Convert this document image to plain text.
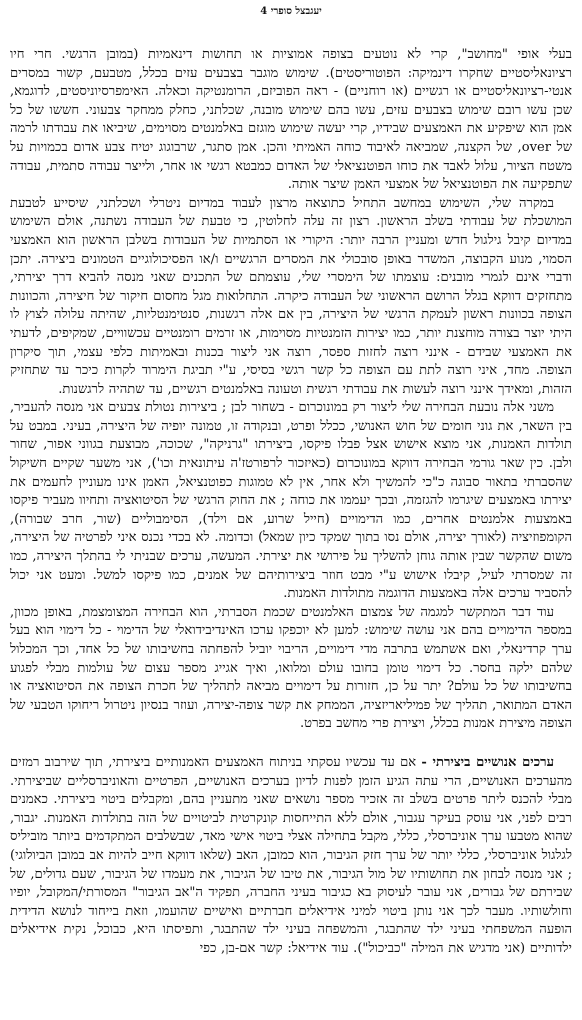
יעגבצל סופרי 4

בעלי אופי "מחושב", קרי לא נוטעים בצופה אמוציות או תחושות דינאמיות (במובן הרגשי. חרי חיו רציונאליסטיים שחקרו דינמיקה: הפוטוריסטים). שימוש מוגבר בצבעים עזים בכלל, מטבעם, קשור במסרים אנטי-רציונאליסטיים או רגשיים (או רוחניים) - ראה הפוביזם, הרומנטיקה וכאלה. האימפרסיוניסטים, לדוגמא, שכן עשו רובם שימוש בצבעים עזים, עשו בהם שימוש מובנה, שכלתני, כחלק ממחקר צבעוני. חששו של כל אמן הוא שיפקיע את האמצעים שבידיו, קרי יעשה שימוש מוגזם באלמנטים מסוימים, שיביאו את עבודתו לרמה של over, של הקצנה, שמביאה לאיבוד כוחה האמיתי והכן. אמן סתגר, שרבוגוג יטיח צבע אדום בכמויות על משטח הציור, עלול לאבד את כוחו הפוטנציאלי של האדום כמבטא רגשי או אחר, ולייצר עבודה סתמית, עבודה שתפקיעה את הפוטנציאל של אמצעי האמן שיצר אותה.

במקרה שלי, השימוש במחשב התחיל כתוצאה מרצון לעבוד במדיום ניטרלי ושכלתני, שיסייע לטבעת המושכלת של עבודתי בשלב הראשון. רצון זה עלה לחלוטין, כי טבעת של העבודה נשתנה, אולם השימוש במדיום קיבל גילגול חדש ומעניין הרבה יותר: היקורי או הסתמיות של העבודות בשלבן הראשון הוא האמצעי הסמוי, מנוע הקבוצה, המשדר באופן סובכולי את המסרים הרגשיים ו/או הפסיכולוגיים הטמונים ביצירה. יתכן ודברי אינם לגמרי מובנים: עוצמתו של הימסרי שלי, עוצמתם של התכנים שאני מנסה להביא דרך יצירתי, מתחזקים דווקא בגלל הרושם הראשוני של העבודה כיקרה. התחלואות מגל מחסום חיקור של חיצירה, והכוונות הצופה בכוונות ראשון לעמקת הרגשי של היצירה, בין אם אלה רגשנות, סנטימנטליות, שהיתה עלולה לצוץ לו היתי יוצר בצורה מוחצנת יותר, כמו יצירות הזמנטיות מסוימות, או זרמים רומנטיים עכשוויים, שמקיפים, לדעתי את האמצעי שבידם - אינני רוצה לחזות ספסר, רוצה אני ליצור בכנות ובאמיתות כלפי עצמי, תוך סיקרון הצופה. מחד, איני רוצה לתת עם הצופה כל קשר רגשי בסיסי, ע"י תביגת הימרוד לקרות כיכר עד שתחזיק הזהות, ומאידך אינני רוצה לעשות את עבודתי רגשית וטעונה באלמנטים רגשיים, עד שתהיה לרגשנות.

משני אלה נובעת הבחירה שלי ליצור רק במונוכרום - בשחור לבן ; ביצירות נטולת צבעים אני מנסה להעביר, בין השאר, את גוני חומים של חוש האנושי, ככלל ופרט, ובנקודה זו, טמונה יופיה של היצירה, בעיני. במבט על תולדות האמנות, אני מוצא אישוש אצל פבלו פיקסו, ביצירתו "גרניקה", שכוכה, מבוצעת בגווני אפור, שחור ולבן. כין שאר גורמי הבחירה דווקא במונוכרום (כאיזכור לרפורטז'ה עיתונאית וכו'), אני משער שקיים חשיקול שהסברתי בתאור סבוגה כ"כי להמשיך ולא אחר, אין לא טמוגות כפוטנציאל, האמן אינו מעוניין לחעמים את יצירתו באמצעים שיגרמו להגזמה, ובכך יעממו את כוחה ; את החוק הרגשי של הסיטואציה ותחיוו מעביר פיקסו באמצעות אלמנטים אחרים, כמו הדימויים (חייל שרוע, אם וילד), הסימבוליים (שור, חרב שבורה), הקומפוזיציה (לאורך יצירה, אולם נסו בתוך שמקד כיון שמאל) וכדומה. לא בכדי נכנס איני לפרטיה של היצירה, משום שהקשר שבין אותה גוחן להשליך על פירושי את יצירתי. המעשה, ערכים שבניתי לי בהתלך היצירה, כמו זה שמסרתי לעיל, קיבלו אישוש ע"י מבט חוזר ביצירותיהם של אמנים, כמו פיקסו למשל. ומעט אני יכול להסביר ערכים אלה באמצעות הדוגמה מתולדות האמנות.

עוד דבר המתקשר למגמה של צמצום האלמנטים שכמת הסברתי, הוא הבחירה המצומצמת, באופן מכוון, במספר הדימויים בהם אני עושה שימוש: למען לא יוכפקו ערכו האינדיבידואלי של הדימוי - כל דימוי הוא בעל ערך קרדינאלי, ואם אשתמש בתרבה מדי דימויים, הריבוי יוביל להפחתה בחשיבותו של כל אחד, וכך המכלול שלהם ילקה בחסר. כל דימוי טומן בחובו עולם ומלואו, ואיך אגייג מספר עצום של עולמות מבלי לפגוע בחשיבותו של כל עולם? יתר על כן, חזורות על דימויים מביאה לתהליך של חכרת הצופה את הסיטואציה או האדם המתואר, תהליך של פמיליאריזציה, הממחק את קשר צופה-יצירה, ועוזר בנסיון ניטרול ריחוקו הטבעי של הצופה מיצירת אמנות בכלל, ויצירת פרי מחשב בפרט.

ערכים אנושיים ביצירתי - אם עד עכשיו עסקתי בניתוח האמצעים האמנותיים ביצירתי, תוך שירבוב רמזים מהערכים האנושיים, הרי עתה הגיע הזמן לפנות לדיון בערכים האנושיים, הפרטיים והאוניברסליים שביצירתי. מבלי להכנס ליתר פרטים בשלב זה אזכיר מספר נושאים שאני מתעניין בהם, ומקבלים ביטוי ביצירתי. כאמנים רבים לפני, אני עוסק בעיקר עגבור, אולם ללא התייחסות קונקרטית לביטויים של הזה בתולדות האמנות. יגבור, שהוא מטבעו ערך אוניברסלי, כללי, מקבל בתחילה אצלי ביטוי אישי מאד, שבשלבים המתקדמים ביותר מוביליס לגלגול אוניברסלי, כללי יותר של ערך חזק הגיבור, הוא כמובן, האב (שלאו דווקא חייב להיות אב במובן הביולוגי) ; אני מנסה לבחון את תחושותיו של מול הגיבור, את טיבו של הגיבור, את מעמדו של הגיבור, שעם גדולים, של שבירתם של גבורים, אני עובר לעיסוק בא כגיבור בעיני החברה, תפקיד ה"אב הגיבור" המסורתי/המקובל, יופיו וחולשותיו. מעבר לכך אני נותן ביטוי למיני אידיאלים חברתיים ואישיים שהועמו, וזאת בייחוד לנושא הדידית הופעה המשפחתי בעיני ילד שהתבגר, והמשפחה בעיני ילד שהתבגר, ותפיסתו היא, כבוכל, נקית אידיאלים ילדותיים (אני מדגיש את המילה "כביכול"). עוד אידיאל: קשר אם-בן, כפי
